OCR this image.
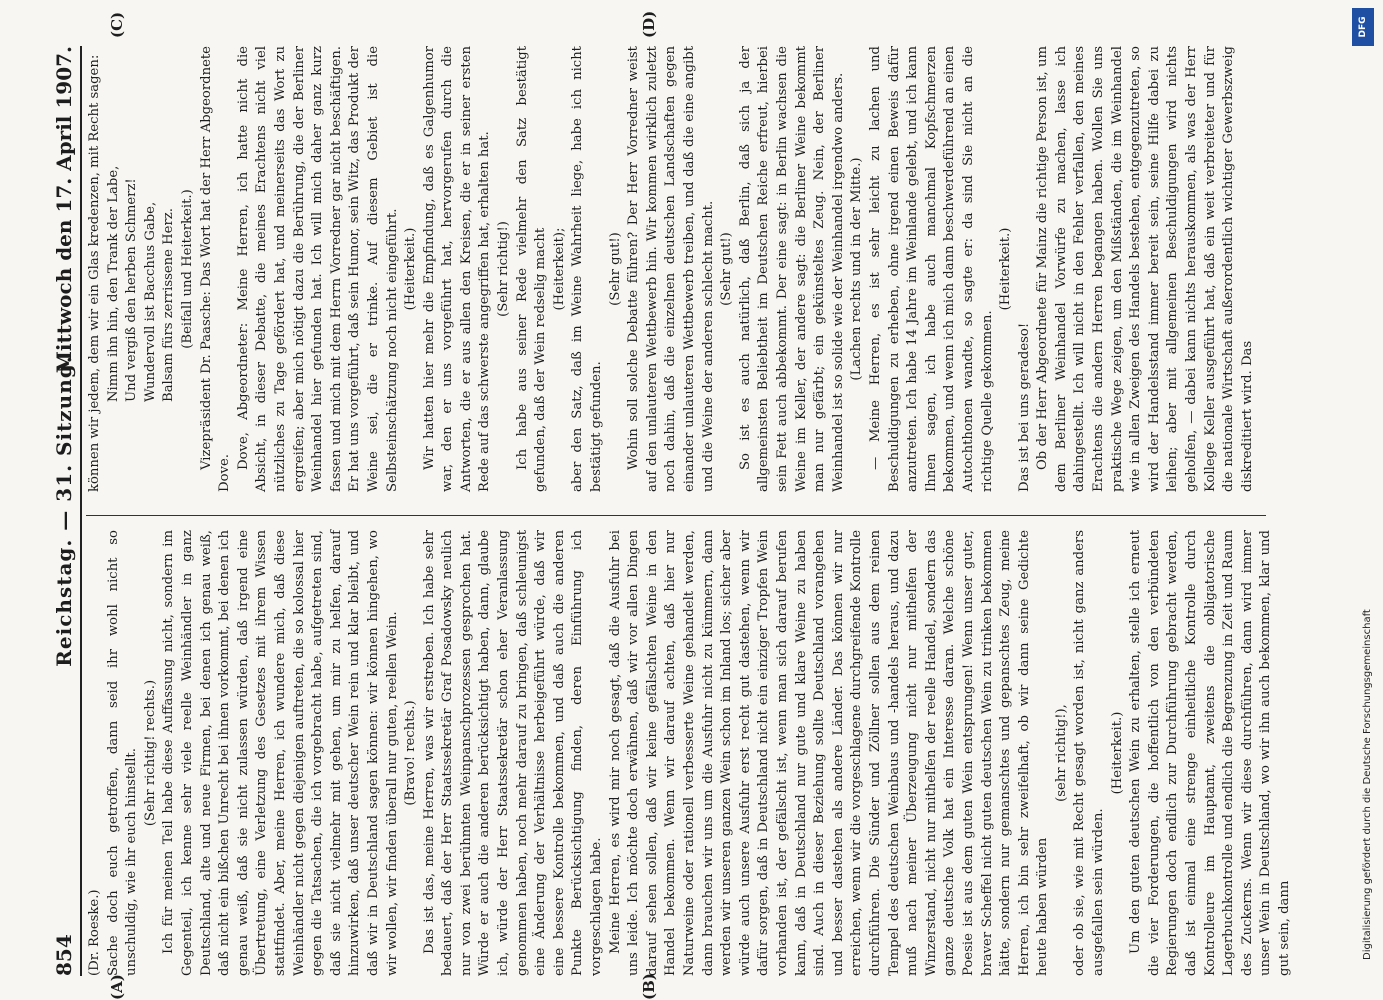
854
Reichstag. — 31. Sitzung.
Mittwoch den 17. April 1907.
(A)	(B)
(C)	(D)

(Dr. Roeske.) Sache doch euch getroffen, dann seid ihr wohl nicht so unschuldig, wie ihr euch hinstellt. (Sehr richtig! rechts.) Ich für meinen Teil habe diese Auffassung nicht, sondern im Gegenteil, ich kenne sehr viele reelle Weinhändler in ganz Deutschland, alte und neue Firmen, bei denen ich genau weiß, daß nicht ein bißchen Unrecht bei ihnen vorkommt, bei denen ich genau weiß, daß sie nicht zulassen würden, daß irgend eine Übertretung, eine Verletzung des Gesetzes mit ihrem Wissen stattfindet. Aber, meine Herren, ich wundere mich, daß diese Weinhändler nicht gegen diejenigen auftreten, die so kolossal hier gegen die Tatsachen, die ich vorgebracht habe, aufgetreten sind, daß sie nicht vielmehr mit gehen, um mir zu helfen, darauf hinzuwirken, daß unser deutscher Wein rein und klar bleibt, und daß wir in Deutschland sagen können: wir können hingehen, wo wir wollen, wir finden überall nur guten, reellen Wein. (Bravo! rechts.) Das ist das, meine Herren, was wir erstreben. Ich habe sehr bedauert, daß der Herr Staatssekretär Graf Posadowsky neulich nur von zwei berühmten Weinpanschprozessen gesprochen hat. Würde er auch die anderen berücksichtigt haben, dann, glaube ich, würde der Herr Staatssekretär schon eher Veranlassung genommen haben, noch mehr darauf zu bringen, daß schleunigst eine Änderung der Verhältnisse herbeigeführt würde, daß wir eine bessere Kontrolle bekommen, und daß auch die anderen Punkte Berücksichtigung finden, deren Einführung ich vorgeschlagen habe. Meine Herren, es wird mir noch gesagt, daß die Ausfuhr bei uns leide. Ich möchte doch erwähnen, daß wir vor allen Dingen darauf sehen sollen, daß wir keine gefälschten Weine in den Handel bekommen. Wenn wir darauf achten, daß hier nur Naturweine oder rationell verbesserte Weine gehandelt werden, dann brauchen wir uns um die Ausfuhr nicht zu kümmern, dann werden wir unseren ganzen Wein schon im Inland los; sicher aber würde auch unsere Ausfuhr erst recht gut dastehen, wenn wir dafür sorgen, daß in Deutschland nicht ein einziger Tropfen Wein vorhanden ist, der gefälscht ist, wenn man sich darauf berufen kann, daß in Deutschland nur gute und klare Weine zu haben sind. Auch in dieser Beziehung sollte Deutschland vorangehen und besser dastehen als andere Länder. Das können wir nur erreichen, wenn wir die vorgeschlagene durchgreifende Kontrolle durchführen. Die Sünder und Zöllner sollen aus dem reinen Tempel des deutschen Weinbaus und -handels heraus, und dazu muß nach meiner Überzeugung nicht nur mithelfen der Winzerstand, nicht nur mithelfen der reelle Handel, sondern das ganze deutsche Volk hat ein Interesse daran. Welche schöne Poesie ist aus dem guten Wein entsprungen! Wenn unser guter, braver Scheffel nicht guten deutschen Wein zu trinken bekommen hätte, sondern nur gemanschtes und gepanschtes Zeug, meine Herren, ich bin sehr zweifelhaft, ob wir dann seine Gedichte heute haben würden

(sehr richtig!), oder ob sie, wie mit Recht gesagt worden ist, nicht ganz anders ausgefallen sein würden.

(Heiterkeit.) Um den guten deutschen Wein zu erhalten, stelle ich erneut die vier Forderungen, die hoffentlich von den verbündeten Regierungen doch endlich zur Durchführung gebracht werden, daß ist einmal eine strenge einheitliche Kontrolle durch Kontrolleure im Hauptamt, zweitens die obligatorische Lagerbuchkontrolle und endlich die Begrenzung in Zeit und Raum des Zuckerns. Wenn wir diese durchführen, dann wird immer unser Wein in Deutschland, wo wir ihn auch bekommen, klar und gut sein, dann

können wir jedem, dem wir ein Glas kredenzen, mit Recht sagen: Nimm ihn hin, den Trank der Labe, Und vergiß den herben Schmerz! Wundervoll ist Bacchus Gabe, Balsam fürs zerrissene Herz. (Beifall und Heiterkeit.) Vizepräsident Dr. Paasche: Das Wort hat der Herr Abgeordnete Dove.

Dove, Abgeordneter: Meine Herren, ich hatte nicht die Absicht, in dieser Debatte, die meines Erachtens nicht viel nützliches zu Tage gefördert hat, und meinerseits das Wort zu ergreifen; aber mich nötigt dazu die Berührung, die der Berliner Weinhandel hier gefunden hat. Ich will mich daher ganz kurz fassen und mich mit dem Herrn Vorredner gar nicht beschäftigen. Er hat uns vorgeführt, daß sein Humor, sein Witz, das Produkt der Weine sei, die er trinke. Auf diesem Gebiet ist die Selbsteinschätzung noch nicht eingeführt. (Heiterkeit.) Wir hatten hier mehr die Empfindung, daß es Galgenhumor war, den er uns vorgeführt hat, hervorgerufen durch die Antworten, die er aus allen den Kreisen, die er in seiner ersten Rede auf das schwerste angegriffen hat, erhalten hat. (Sehr richtig!) Ich habe aus seiner Rede vielmehr den Satz bestätigt gefunden, daß der Wein redselig macht (Heiterkeit); aber den Satz, daß im Weine Wahrheit liege, habe ich nicht bestätigt gefunden.

(Sehr gut!) Wohin soll solche Debatte führen? Der Herr Vorredner weist auf den unlauteren Wettbewerb hin. Wir kommen wirklich zuletzt noch dahin, daß die einzelnen deutschen Landschaften gegen einander unlauteren Wettbewerb treiben, und daß die eine angibt und die Weine der anderen schlecht macht. (Sehr gut!) So ist es auch natürlich, daß Berlin, daß sich ja der allgemeinsten Beliebtheit im Deutschen Reiche erfreut, hierbei sein Fett auch abbekommt. Der eine sagt: in Berlin wachsen die Weine im Keller, der andere sagt: die Berliner Weine bekommt man nur gefärbt; ein gekünsteltes Zeug. Nein, der Berliner Weinhandel ist so solide wie der Weinhandel irgendwo anders. (Lachen rechts und in der Mitte.) — Meine Herren, es ist sehr leicht zu lachen und Beschuldigungen zu erheben, ohne irgend einen Beweis dafür anzutreten. Ich habe 14 Jahre im Weinlande gelebt, und ich kann Ihnen sagen, ich habe auch manchmal Kopfschmerzen bekommen, und wenn ich mich dann beschwerdeführend an einen Autochthonen wandte, so sagte er: da sind Sie nicht an die richtige Quelle gekommen.

(Heiterkeit.)

Das ist bei uns geradeso! Ob der Herr Abgeordnete für Mainz die richtige Person ist, um dem Berliner Weinhandel Vorwürfe zu machen, lasse ich dahingestellt. Ich will nicht in den Fehler verfallen, den meines Erachtens die andern Herren begangen haben. Wollen Sie uns praktische Wege zeigen, um den Mißständen, die im Weinhandel wie in allen Zweigen des Handels bestehen, entgegenzutreten, so wird der Handelsstand immer bereit sein, seine Hilfe dabei zu leihen; aber mit allgemeinen Beschuldigungen wird nichts geholfen, — dabei kann nichts herauskommen, als was der Herr Kollege Keller ausgeführt hat, daß ein weit verbreiteter und für die nationale Wirtschaft außerordentlich wichtiger Gewerbszweig diskreditiert wird. Das

DFG
Digitalisierung gefördert durch die Deutsche Forschungsgemeinschaft
